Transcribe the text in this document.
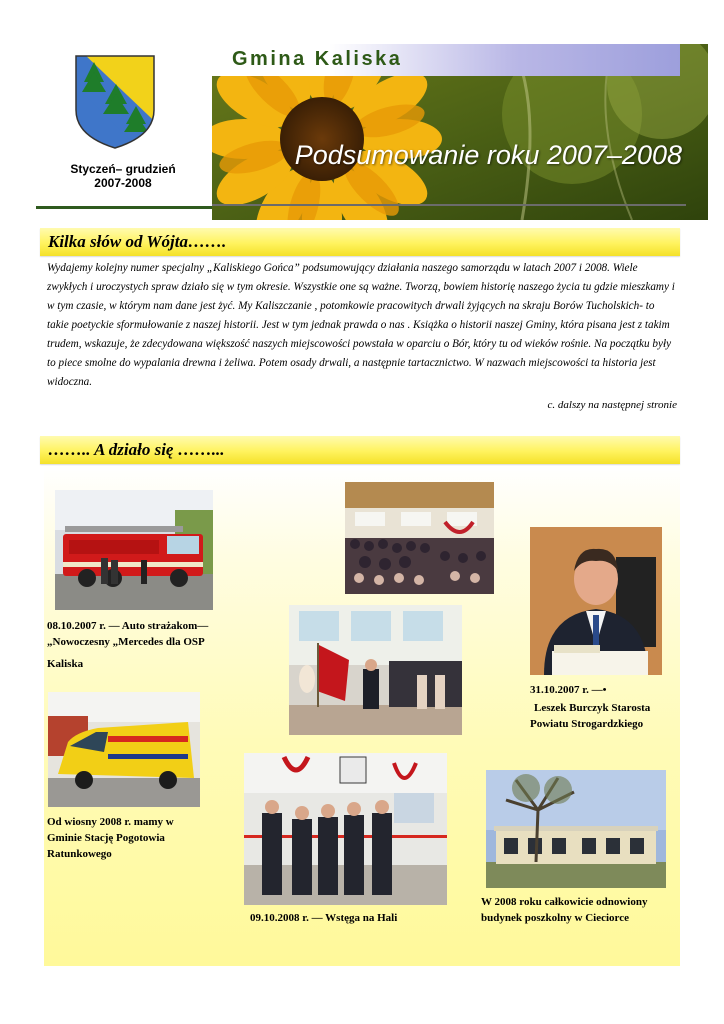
Styczeń– grudzień
2007-2008
Gmina Kaliska
Podsumowanie roku 2007–2008
Kilka słów od Wójta…….
Wydajemy kolejny numer specjalny „Kaliskiego Gońca” podsumowujący działania naszego samorządu w latach 2007 i 2008. Wiele zwykłych i uroczystych spraw działo się w tym okresie. Wszystkie one są ważne. Tworzą, bowiem historię naszego życia tu gdzie mieszkamy i w tym czasie, w którym nam dane jest żyć. My Kaliszczanie , potomkowie pracowitych drwali żyjących na skraju Borów Tucholskich- to takie poetyckie sformułowanie z naszej historii. Jest w tym jednak prawda o nas . Książka o historii naszej Gminy, która pisana jest z takim trudem, wskazuje, że zdecydowana większość naszych miejscowości powstała w oparciu o Bór, który tu od wieków rośnie. Na początku były to piece smolne do wypalania drewna i żeliwa. Potem osady drwali, a następnie tartacznictwo. W nazwach miejscowości ta historia jest widoczna.
c. dalszy na następnej stronie
…….. A działo się ……...
08.10.2007 r. — Auto strażakom—
„Nowoczesny „Mercedes dla OSP
Kaliska
31.10.2007 r. —•
Leszek Burczyk Starosta
Powiatu Strogardzkiego
Od wiosny 2008 r. mamy w
Gminie Stację Pogotowia
Ratunkowego
09.10.2008 r. — Wstęga na Hali
W 2008 roku całkowicie odnowiony
budynek poszkolny w Cieciorce
